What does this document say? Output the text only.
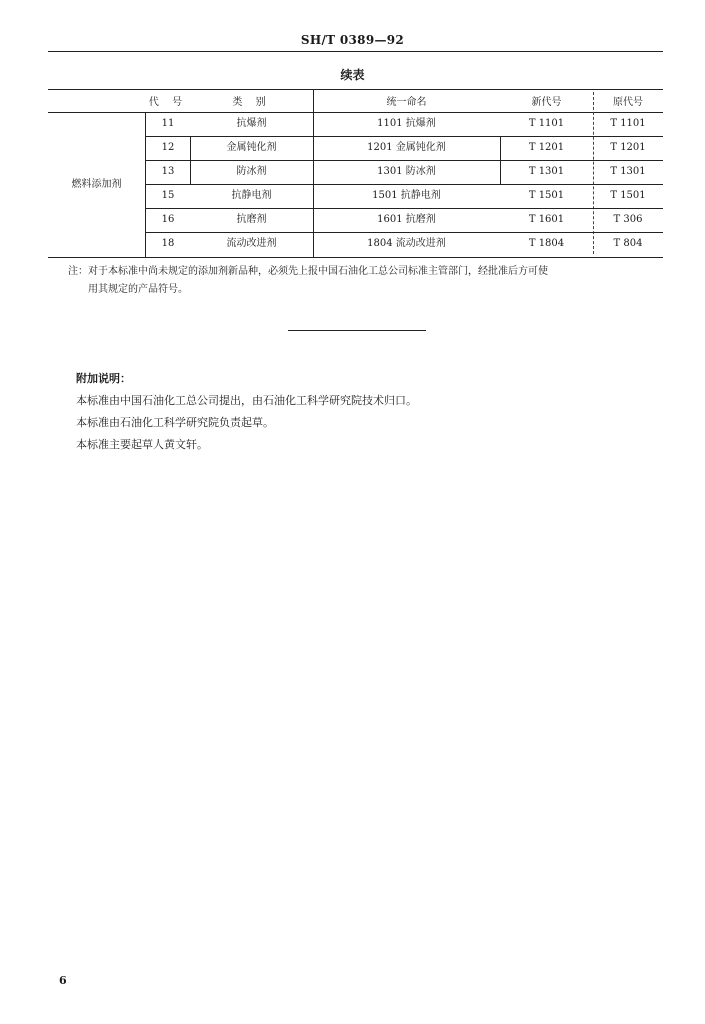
SH/T 0389—92
续表
代 号	类 别	统一命名	新代号	原代号
燃料添加剂
11	抗爆剂	1101 抗爆剂	T 1101	T 1101
12	金属钝化剂	1201 金属钝化剂	T 1201	T 1201
13	防冰剂	1301 防冰剂	T 1301	T 1301
15	抗静电剂	1501 抗静电剂	T 1501	T 1501
16	抗磨剂	1601 抗磨剂	T 1601	T 306
18	流动改进剂	1804 流动改进剂	T 1804	T 804
注： 对于本标准中尚未规定的添加剂新品种，必须先上报中国石油化工总公司标准主管部门，经批准后方可使
用其规定的产品符号。
附加说明：
本标准由中国石油化工总公司提出，由石油化工科学研究院技术归口。
本标准由石油化工科学研究院负责起草。
本标准主要起草人黄文轩。
6
